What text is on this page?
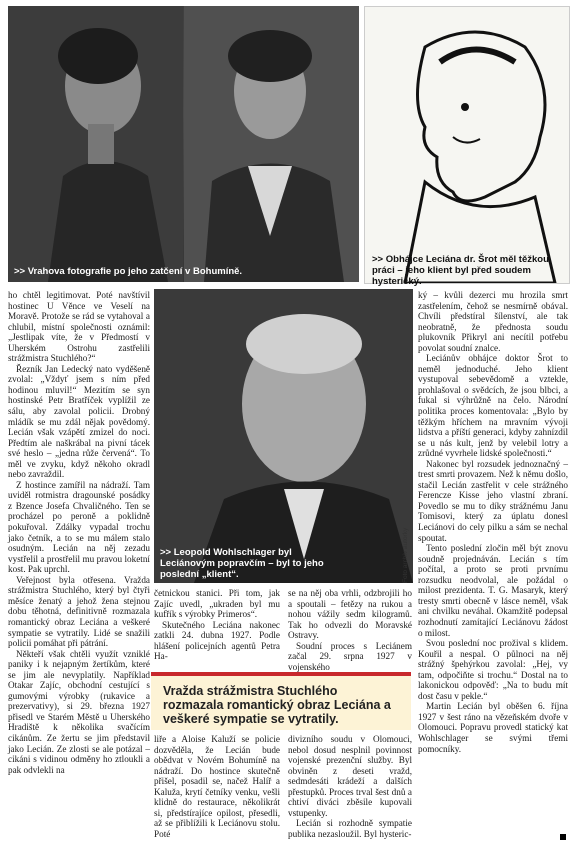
>> Vrahova fotografie po jeho zatčení v Bohumíně.
>> Obhájce Leciána dr. Šrot měl těžkou práci – jeho klient byl před soudem hysterický.

ho chtěl legitimovat. Poté navštívil hostinec U Věnce ve Veselí na Moravě. Protože se rád se vytahoval a chlubil, místní společnosti oznámil: „Jestlipak víte, že v Předmostí v Uherském Ostrohu zastřelili strážmistra Stuchlého?“

Řezník Jan Ledecký nato vyděšeně zvolal: „Vždyť jsem s ním před hodinou mluvil!“ Mezitím se syn hostinské Petr Bratříček vyplížil ze sálu, aby zavolal policii. Drobný mládík se mu zdál nějak povědomý. Lecián však vzápětí zmizel do noci. Předtím ale naškrábal na pivní tácek své heslo – „jedna růže červená“. To měl ve zvyku, když někoho okradl nebo zavraždil.

Z hostince zamířil na nádraží. Tam uviděl rotmistra dragounské posádky z Bzence Josefa Chvaličného. Ten se procházel po peroně a poklidně pokuřoval. Zdálky vypadal trochu jako četník, a to se mu málem stalo osudným. Lecián na něj zezadu vystřelil a prostřelil mu pravou loketní kost. Pak uprchl.

Veřejnost byla otřesena. Vražda strážmistra Stuchlého, který byl čtyři měsíce ženatý a jehož žena stejnou dobu těhotná, definitivně rozmazala romantický obraz Leciána a veškeré sympatie se vytratily. Lidé se snažili policii pomáhat při pátrání.

Někteří však chtěli využít vzniklé paniky i k nejapným žertíkům, které se jim ale nevyplatily. Například Otakar Zajíc, obchodní cestující s gumovými výrobky (rukavice a prezervativy), si 29. března 1927 přisedl ve Starém Městě u Uherského Hradiště k několika svačícím cikánům. Ze žertu se jim představil jako Lecián. Ze zlosti se ale potázal – cikáni s vidinou odměny ho ztloukli a pak odvlekli na

>> Leopold Wohlschlager byl Leciánovým popravčím – byl to jeho poslední „klient“.	Foto archiv autorky

četnickou stanici. Při tom, jak Zajíc uvedl, „ukraden byl mu kufřík s výrobky Primeros“.

Skutečného Leciána nakonec zatkli 24. dubna 1927. Podle hlášení policejních agentů Petra Ha-

se na něj oba vrhli, odzbrojili ho a spoutali – fetězy na rukou a nohou vážily sedm kilogramů. Tak ho odvezli do Moravské Ostravy.

Soudní proces s Leciánem začal 29. srpna 1927 v vojenského

Vražda strážmistra Stuchlého rozmazala romantický obraz Leciána a veškeré sympatie se vytratily.

liře a Aloise Kaluží se policie dozvěděla, že Lecián bude obědvat v Novém Bohumíně na nádraží. Do hostince skutečně přišel, posadil se, načež Halíř a Kaluža, krytí četníky venku, vešli klidně do restaurace, několikrát si, předstírajíce opilost, přesedli, až se přiblížili k Leciánovu stolu. Poté

divizního soudu v Olomouci, nebol dosud nesplnil povinnost vojenské prezenční služby. Byl obviněn z deseti vražd, sedmdesáti krádeží a dalších přestupků. Proces trval šest dnů a chtiví diváci zběsile kupovali vstupenky.

Lecián si rozhodně sympatie publika nezasloužil. Byl hysteric-

ký – kvůli dezerci mu hrozila smrt zastřelením, čehož se nesmírně obával. Chvíli předstíral šílenství, ale tak neobratně, že přednosta soudu plukovník Přikryl ani necítil potřebu povolat soudní znalce.

Leciánův obhájce doktor Šrot to neměl jednoduché. Jeho klient vystupoval sebevědomě a vztekle, prohlašoval o svědcích, že jsou blbci, a fukal si výhrůžně na čelo. Národní politika proces komentovala: „Bylo by těžkým hříchem na mravním vývoji lidstva a příští generaci, kdyby zahnízdil se u nás kult, jenž by velebil lotry a zrůdné vyvrhele lidské společnosti.“

Nakonec byl rozsudek jednoznačný – trest smrti provazem. Než k němu došlo, stačil Lecián zastřelit v cele strážného Ferencze Kisse jeho vlastní zbraní. Povedlo se mu to díky strážnému Janu Tomisovi, který za úplatu donesl Leciánovi do cely pilku a sám se nechal spoutat.

Tento poslední zločin měl být znovu soudně projednáván. Lecián s tím počítal, a proto se proti prvnímu rozsudku neodvolal, ale požádal o milost prezidenta. T. G. Masaryk, který tresty smrti obecně v lásce neměl, však ani chvilku neváhal. Okamžitě podepsal rozhodnutí zamítající Leciánovu žádost o milost.

Svou poslední noc prožival s klidem. Kouřil a nespal. O půlnoci na něj strážný špehýrkou zavolal: „Hej, vy tam, odpočiňte si trochu.“ Dostal na to lakonickou odpověď: „Na to budu mít dost času v pekle.“

Martin Lecián byl oběšen 6. října 1927 v šest ráno na vězeňském dvoře v Olomouci. Popravu provedl statický kat Wohlschlager se svými třemi pomocníky.
